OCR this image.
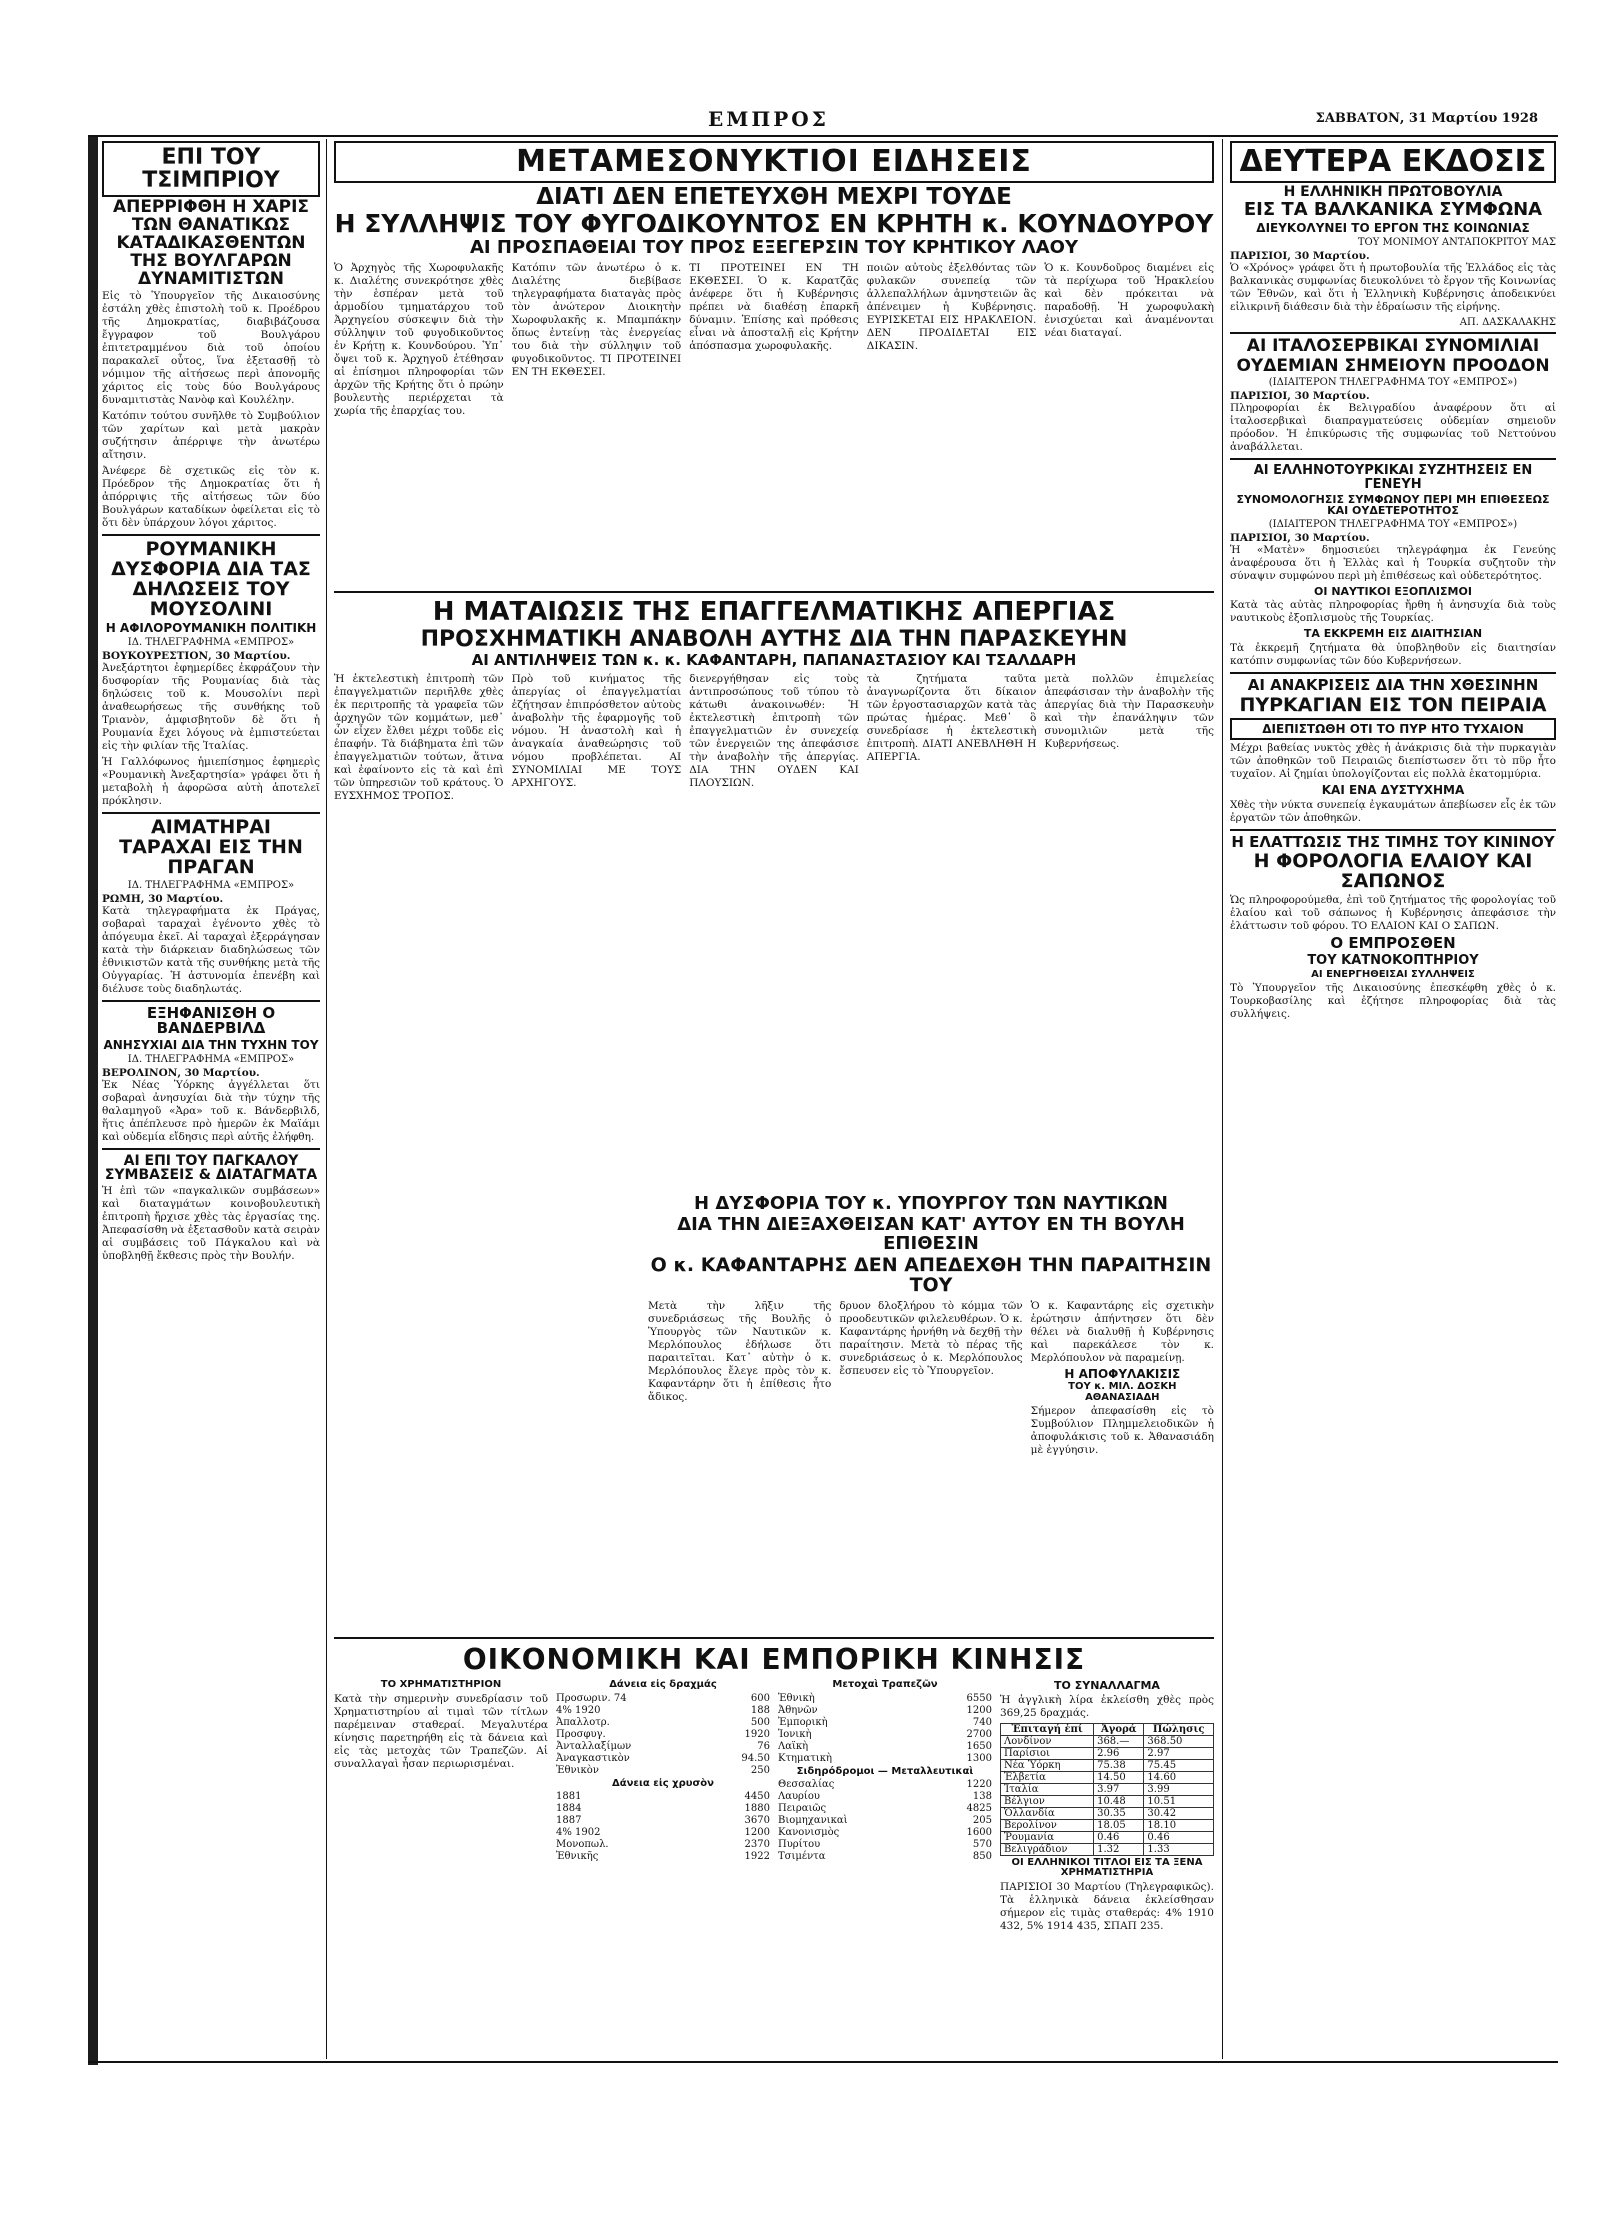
ΕΜΠΡΟΣ	ΣΑΒΒΑΤΟΝ, 31 Μαρτίου 1928
ΕΠΙ ΤΟΥ ΤΣΙΜΠΡΙΟΥ
ΑΠΕΡΡΙΦΘΗ Η ΧΑΡΙΣ ΤΩΝ ΘΑΝΑΤΙΚΩΣ ΚΑΤΑΔΙΚΑΣΘΕΝΤΩΝ ΤΗΣ ΒΟΥΛΓΑΡΩΝ ΔΥΝΑΜΙΤΙΣΤΩΝ

Εἰς τὸ Ὑπουργεῖον τῆς Δικαιοσύνης ἐστάλη χθὲς ἐπιστολὴ τοῦ κ. Προέδρου τῆς Δημοκρατίας, διαβιβάζουσα ἔγγραφον τοῦ Βουλγάρου ἐπιτετραμμένου διὰ τοῦ ὁποίου παρακαλεῖ οὗτος, ἵνα ἐξετασθῇ τὸ νόμιμον τῆς αἰτήσεως περὶ ἀπονομῆς χάριτος εἰς τοὺς δύο Βουλγάρους δυναμιτιστὰς Νανὸφ καὶ Κουλέλην.

Κατόπιν τούτου συνῆλθε τὸ Συμβούλιον τῶν χαρίτων καὶ μετὰ μακρὰν συζήτησιν ἀπέρριψε τὴν ἀνωτέρω αἴτησιν.

Ἀνέφερε δὲ σχετικῶς εἰς τὸν κ. Πρόεδρον τῆς Δημοκρατίας ὅτι ἡ ἀπόρριψις τῆς αἰτήσεως τῶν δύο Βουλγάρων καταδίκων ὀφείλεται εἰς τὸ ὅτι δὲν ὑπάρχουν λόγοι χάριτος.

ΡΟΥΜΑΝΙΚΗ ΔΥΣΦΟΡΙΑ ΔΙΑ ΤΑΣ ΔΗΛΩΣΕΙΣ ΤΟΥ ΜΟΥΣΟΛΙΝΙ
Η ΑΦΙΛΟΡΟΥΜΑΝΙΚΗ ΠΟΛΙΤΙΚΗ
ΙΔ. ΤΗΛΕΓΡΑΦΗΜΑ «ΕΜΠΡΟΣ»
ΒΟΥΚΟΥΡΕΣΤΙΟΝ, 30 Μαρτίου.

Ἀνεξάρτητοι ἐφημερίδες ἐκφράζουν τὴν δυσφορίαν τῆς Ρουμανίας διὰ τὰς δηλώσεις τοῦ κ. Μουσολίνι περὶ ἀναθεωρήσεως τῆς συνθήκης τοῦ Τριανὸν, ἀμφισβητοῦν δὲ ὅτι ἡ Ρουμανία ἔχει λόγους νὰ ἐμπιστεύεται εἰς τὴν φιλίαν τῆς Ἰταλίας.

Ἡ Γαλλόφωνος ἡμιεπίσημος ἐφημερὶς «Ρουμανικὴ Ἀνεξαρτησία» γράφει ὅτι ἡ μεταβολὴ ἡ ἀφορῶσα αὐτὴ ἀποτελεῖ πρόκλησιν.

ΑΙΜΑΤΗΡΑΙ ΤΑΡΑΧΑΙ ΕΙΣ ΤΗΝ ΠΡΑΓΑΝ
ΙΔ. ΤΗΛΕΓΡΑΦΗΜΑ «ΕΜΠΡΟΣ»
ΡΩΜΗ, 30 Μαρτίου.

Κατὰ τηλεγραφήματα ἐκ Πράγας, σοβαραὶ ταραχαὶ ἐγένοντο χθὲς τὸ ἀπόγευμα ἐκεῖ. Αἱ ταραχαὶ ἐξερράγησαν κατὰ τὴν διάρκειαν διαδηλώσεως τῶν ἐθνικιστῶν κατὰ τῆς συνθήκης μετὰ τῆς Οὐγγαρίας. Ἡ ἀστυνομία ἐπενέβη καὶ διέλυσε τοὺς διαδηλωτάς.

ΕΞΗΦΑΝΙΣΘΗ Ο ΒΑΝΔΕΡΒΙΛΔ
ΑΝΗΣΥΧΙΑΙ ΔΙΑ ΤΗΝ ΤΥΧΗΝ ΤΟΥ
ΙΔ. ΤΗΛΕΓΡΑΦΗΜΑ «ΕΜΠΡΟΣ»
ΒΕΡΟΛΙΝΟΝ, 30 Μαρτίου.

Ἐκ Νέας Ὑόρκης ἀγγέλλεται ὅτι σοβαραὶ ἀνησυχίαι διὰ τὴν τύχην τῆς θαλαμηγοῦ «Ἀρα» τοῦ κ. Βάνδερβιλδ, ἥτις ἀπέπλευσε πρὸ ἡμερῶν ἐκ Μαϊάμι καὶ οὐδεμία εἴδησις περὶ αὐτῆς ἐλήφθη.

ΑΙ ΕΠΙ ΤΟΥ ΠΑΓΚΑΛΟΥ ΣΥΜΒΑΣΕΙΣ & ΔΙΑΤΑΓΜΑΤΑ

Ἡ ἐπὶ τῶν «παγκαλικῶν συμβάσεων» καὶ διαταγμάτων κοινοβουλευτικὴ ἐπιτροπὴ ἤρχισε χθὲς τὰς ἐργασίας της. Ἀπεφασίσθη νὰ ἐξετασθοῦν κατὰ σειρὰν αἱ συμβάσεις τοῦ Πάγκαλου καὶ νὰ ὑποβληθῇ ἔκθεσις πρὸς τὴν Βουλήν.

ΜΕΤΑΜΕΣΟΝΥΚΤΙΟΙ ΕΙΔΗΣΕΙΣ
ΔΙΑΤΙ ΔΕΝ ΕΠΕΤΕΥΧΘΗ ΜΕΧΡΙ ΤΟΥΔΕ
Η ΣΥΛΛΗΨΙΣ ΤΟΥ ΦΥΓΟΔΙΚΟΥΝΤΟΣ ΕΝ ΚΡΗΤΗ κ. ΚΟΥΝΔΟΥΡΟΥ
ΑΙ ΠΡΟΣΠΑΘΕΙΑΙ ΤΟΥ ΠΡΟΣ ΕΞΕΓΕΡΣΙΝ ΤΟΥ ΚΡΗΤΙΚΟΥ ΛΑΟΥ

Ὁ Ἀρχηγὸς τῆς Χωροφυλακῆς κ. Διαλέτης συνεκρότησε χθὲς τὴν ἑσπέραν μετὰ τοῦ ἁρμοδίου τμηματάρχου τοῦ Ἀρχηγείου σύσκεψιν διὰ τὴν σύλληψιν τοῦ φυγοδικοῦντος ἐν Κρήτῃ κ. Κουνδούρου. Ὑπ᾽ ὄψει τοῦ κ. Ἀρχηγοῦ ἐτέθησαν αἱ ἐπίσημοι πληροφορίαι τῶν ἀρχῶν τῆς Κρήτης ὅτι ὁ πρώην βουλευτὴς περιέρχεται τὰ χωρία τῆς ἐπαρχίας του.

Κατόπιν τῶν ἀνωτέρω ὁ κ. Διαλέτης διεβίβασε τηλεγραφήματα διαταγὰς πρὸς τὸν ἀνώτερον Διοικητὴν Χωροφυλακῆς κ. Μπαμπάκην ὅπως ἐντείνῃ τὰς ἐνεργείας του διὰ τὴν σύλληψιν τοῦ φυγοδικοῦντος. ΤΙ ΠΡΟΤΕΙΝΕΙ ΕΝ ΤΗ ΕΚΘΕΣΕΙ.

ΤΙ ΠΡΟΤΕΙΝΕΙ ΕΝ ΤΗ ΕΚΘΕΣΕΙ. Ὁ κ. Καρατζᾶς ἀνέφερε ὅτι ἡ Κυβέρνησις πρέπει νὰ διαθέσῃ ἐπαρκῆ δύναμιν. Ἐπίσης καὶ πρόθεσις εἶναι νὰ ἀποσταλῇ εἰς Κρήτην ἀπόσπασμα χωροφυλακῆς.

ποιῶν αὐτοὺς ἐξελθόντας τῶν φυλακῶν συνεπείᾳ τῶν ἀλλεπαλλήλων ἀμνηστειῶν ἃς ἀπένειμεν ἡ Κυβέρνησις. ΕΥΡΙΣΚΕΤΑΙ ΕΙΣ ΗΡΑΚΛΕΙΟΝ. ΔΕΝ ΠΡΟΔΙΔΕΤΑΙ ΕΙΣ ΔΙΚΑΣΙΝ.

Ὁ κ. Κουνδοῦρος διαμένει εἰς τὰ περίχωρα τοῦ Ἡρακλείου καὶ δὲν πρόκειται νὰ παραδοθῇ. Ἡ χωροφυλακὴ ἐνισχύεται καὶ ἀναμένονται νέαι διαταγαί.

ΔΕΥΤΕΡΑ ΕΚΔΟΣΙΣ
Η ΕΛΛΗΝΙΚΗ ΠΡΩΤΟΒΟΥΛΙΑ
ΕΙΣ ΤΑ ΒΑΛΚΑΝΙΚΑ ΣΥΜΦΩΝΑ
ΔΙΕΥΚΟΛΥΝΕΙ ΤΟ ΕΡΓΟΝ ΤΗΣ ΚΟΙΝΩΝΙΑΣ
ΤΟΥ ΜΟΝΙΜΟΥ ΑΝΤΑΠΟΚΡΙΤΟΥ ΜΑΣ
ΠΑΡΙΣΙΟΙ, 30 Μαρτίου.

Ὁ «Χρόνος» γράφει ὅτι ἡ πρωτοβουλία τῆς Ἑλλάδος εἰς τὰς βαλκανικὰς συμφωνίας διευκολύνει τὸ ἔργον τῆς Κοινωνίας τῶν Ἐθνῶν, καὶ ὅτι ἡ Ἑλληνικὴ Κυβέρνησις ἀποδεικνύει εἰλικρινῆ διάθεσιν διὰ τὴν ἑδραίωσιν τῆς εἰρήνης.

ΑΠ. ΔΑΣΚΑΛΑΚΗΣ
ΑΙ ΙΤΑΛΟΣΕΡΒΙΚΑΙ ΣΥΝΟΜΙΛΙΑΙ
ΟΥΔΕΜΙΑΝ ΣΗΜΕΙΟΥΝ ΠΡΟΟΔΟΝ
(ΙΔΙΑΙΤΕΡΟΝ ΤΗΛΕΓΡΑΦΗΜΑ ΤΟΥ «ΕΜΠΡΟΣ»)
ΠΑΡΙΣΙΟΙ, 30 Μαρτίου.

Πληροφορίαι ἐκ Βελιγραδίου ἀναφέρουν ὅτι αἱ ἰταλοσερβικαὶ διαπραγματεύσεις οὐδεμίαν σημειοῦν πρόοδον. Ἡ ἐπικύρωσις τῆς συμφωνίας τοῦ Νεττούνου ἀναβάλλεται.

ΑΙ ΕΛΛΗΝΟΤΟΥΡΚΙΚΑΙ ΣΥΖΗΤΗΣΕΙΣ ΕΝ ΓΕΝΕΥΗ
ΣΥΝΟΜΟΛΟΓΗΣΙΣ ΣΥΜΦΩΝΟΥ ΠΕΡΙ ΜΗ ΕΠΙΘΕΣΕΩΣ ΚΑΙ ΟΥΔΕΤΕΡΟΤΗΤΟΣ
(ΙΔΙΑΙΤΕΡΟΝ ΤΗΛΕΓΡΑΦΗΜΑ ΤΟΥ «ΕΜΠΡΟΣ»)
ΠΑΡΙΣΙΟΙ, 30 Μαρτίου.

Ἡ «Ματὲν» δημοσιεύει τηλεγράφημα ἐκ Γενεύης ἀναφέρουσα ὅτι ἡ Ἑλλὰς καὶ ἡ Τουρκία συζητοῦν τὴν σύναψιν συμφώνου περὶ μὴ ἐπιθέσεως καὶ οὐδετερότητος.

ΟΙ ΝΑΥΤΙΚΟΙ ΕΞΟΠΛΙΣΜΟΙ

Κατὰ τὰς αὐτὰς πληροφορίας ἤρθη ἡ ἀνησυχία διὰ τοὺς ναυτικοὺς ἐξοπλισμοὺς τῆς Τουρκίας.

ΤΑ ΕΚΚΡΕΜΗ ΕΙΣ ΔΙΑΙΤΗΣΙΑΝ

Τὰ ἐκκρεμῆ ζητήματα θὰ ὑποβληθοῦν εἰς διαιτησίαν κατόπιν συμφωνίας τῶν δύο Κυβερνήσεων.

ΑΙ ΑΝΑΚΡΙΣΕΙΣ ΔΙΑ ΤΗΝ ΧΘΕΣΙΝΗΝ
ΠΥΡΚΑΓΙΑΝ ΕΙΣ ΤΟΝ ΠΕΙΡΑΙΑ
ΔΙΕΠΙΣΤΩΘΗ ΟΤΙ ΤΟ ΠΥΡ ΗΤΟ ΤΥΧΑΙΟΝ

Μέχρι βαθείας νυκτὸς χθὲς ἡ ἀνάκρισις διὰ τὴν πυρκαγιὰν τῶν ἀποθηκῶν τοῦ Πειραιῶς διεπίστωσεν ὅτι τὸ πῦρ ἦτο τυχαῖον. Αἱ ζημίαι ὑπολογίζονται εἰς πολλὰ ἑκατομμύρια.

ΚΑΙ ΕΝΑ ΔΥΣΤΥΧΗΜΑ

Χθὲς τὴν νύκτα συνεπείᾳ ἐγκαυμάτων ἀπεβίωσεν εἷς ἐκ τῶν ἐργατῶν τῶν ἀποθηκῶν.

Η ΕΛΑΤΤΩΣΙΣ ΤΗΣ ΤΙΜΗΣ ΤΟΥ ΚΙΝΙΝΟΥ
Η ΦΟΡΟΛΟΓΙΑ ΕΛΑΙΟΥ ΚΑΙ ΣΑΠΩΝΟΣ

Ὡς πληροφορούμεθα, ἐπὶ τοῦ ζητήματος τῆς φορολογίας τοῦ ἐλαίου καὶ τοῦ σάπωνος ἡ Κυβέρνησις ἀπεφάσισε τὴν ἐλάττωσιν τοῦ φόρου. ΤΟ ΕΛΑΙΟΝ ΚΑΙ Ο ΣΑΠΩΝ.

Ο ΕΜΠΡΟΣΘΕΝ
ΤΟΥ ΚΑΤΝΟΚΟΠΤΗΡΙΟΥ
ΑΙ ΕΝΕΡΓΗΘΕΙΣΑΙ ΣΥΛΛΗΨΕΙΣ

Τὸ Ὑπουργεῖον τῆς Δικαιοσύνης ἐπεσκέφθη χθὲς ὁ κ. Τουρκοβασίλης καὶ ἐζήτησε πληροφορίας διὰ τὰς συλλήψεις.

Η ΜΑΤΑΙΩΣΙΣ ΤΗΣ ΕΠΑΓΓΕΛΜΑΤΙΚΗΣ ΑΠΕΡΓΙΑΣ
ΠΡΟΣΧΗΜΑΤΙΚΗ ΑΝΑΒΟΛΗ ΑΥΤΗΣ ΔΙΑ ΤΗΝ ΠΑΡΑΣΚΕΥΗΝ
ΑΙ ΑΝΤΙΛΗΨΕΙΣ ΤΩΝ κ. κ. ΚΑΦΑΝΤΑΡΗ, ΠΑΠΑΝΑΣΤΑΣΙΟΥ ΚΑΙ ΤΣΑΛΔΑΡΗ

Ἡ ἐκτελεστικὴ ἐπιτροπὴ τῶν ἐπαγγελματιῶν περιῆλθε χθὲς ἐκ περιτροπῆς τὰ γραφεῖα τῶν ἀρχηγῶν τῶν κομμάτων, μεθ᾽ ὧν εἶχεν ἔλθει μέχρι τοῦδε εἰς ἐπαφήν. Τὰ διάβηματα ἐπὶ τῶν ἐπαγγελματιῶν τούτων, ἅτινα καὶ ἐφαίνοντο εἰς τὰ καὶ ἐπὶ τῶν ὑπηρεσιῶν τοῦ κράτους. Ὁ ΕΥΣΧΗΜΟΣ ΤΡΟΠΟΣ.

Πρὸ τοῦ κινήματος τῆς ἀπεργίας οἱ ἐπαγγελματίαι ἐζήτησαν ἐπιπρόσθετον αὐτοὺς ἀναβολὴν τῆς ἐφαρμογῆς τοῦ νόμου. Ἡ ἀναστολὴ καὶ ἡ ἀναγκαία ἀναθεώρησις τοῦ νόμου προβλέπεται. ΑΙ ΣΥΝΟΜΙΛΙΑΙ ΜΕ ΤΟΥΣ ΑΡΧΗΓΟΥΣ.

διενεργήθησαν εἰς τοὺς ἀντιπροσώπους τοῦ τύπου τὸ κάτωθι ἀνακοινωθέν: Ἡ ἐκτελεστικὴ ἐπιτροπὴ τῶν ἐπαγγελματιῶν ἐν συνεχείᾳ τῶν ἐνεργειῶν της ἀπεφάσισε τὴν ἀναβολὴν τῆς ἀπεργίας. ΔΙΑ ΤΗΝ ΟΥΔΕΝ ΚΑΙ ΠΛΟΥΣΙΩΝ.

τὰ ζητήματα ταῦτα ἀναγνωρίζοντα ὅτι δίκαιον τῶν ἐργοστασιαρχῶν κατὰ τὰς πρώτας ἡμέρας. Μεθ᾽ ὃ συνεδρίασε ἡ ἐκτελεστικὴ ἐπιτροπὴ. ΔΙΑΤΙ ΑΝΕΒΛΗΘΗ Η ΑΠΕΡΓΙΑ.

μετὰ πολλῶν ἐπιμελείας ἀπεφάσισαν τὴν ἀναβολὴν τῆς ἀπεργίας διὰ τὴν Παρασκευὴν καὶ τὴν ἐπανάληψιν τῶν συνομιλιῶν μετὰ τῆς Κυβερνήσεως.

Η ΔΥΣΦΟΡΙΑ ΤΟΥ κ. ΥΠΟΥΡΓΟΥ ΤΩΝ ΝΑΥΤΙΚΩΝ
ΔΙΑ ΤΗΝ ΔΙΕΞΑΧΘΕΙΣΑΝ ΚΑΤ' ΑΥΤΟΥ ΕΝ ΤΗ ΒΟΥΛΗ ΕΠΙΘΕΣΙΝ
Ο κ. ΚΑΦΑΝΤΑΡΗΣ ΔΕΝ ΑΠΕΔΕΧΘΗ ΤΗΝ ΠΑΡΑΙΤΗΣΙΝ ΤΟΥ

Μετὰ τὴν λῆξιν τῆς συνεδριάσεως τῆς Βουλῆς ὁ Ὑπουργὸς τῶν Ναυτικῶν κ. Μερλόπουλος ἐδήλωσε ὅτι παραιτεῖται. Κατ᾽ αὐτὴν ὁ κ. Μερλόπουλος ἔλεγε πρὸς τὸν κ. Καφαντάρην ὅτι ἡ ἐπίθεσις ἦτο ἄδικος.

δρυον δλοξλήρου τὸ κόμμα τῶν προοδευτικῶν φιλελευθέρων. Ὁ κ. Καφαντάρης ἠρνήθη νὰ δεχθῇ τὴν παραίτησιν. Μετὰ τὸ πέρας τῆς συνεδριάσεως ὁ κ. Μερλόπουλος ἔσπευσεν εἰς τὸ Ὑπουργεῖον.

Ὁ κ. Καφαντάρης εἰς σχετικὴν ἐρώτησιν ἀπήντησεν ὅτι δὲν θέλει νὰ διαλυθῇ ἡ Κυβέρνησις καὶ παρεκάλεσε τὸν κ. Μερλόπουλον νὰ παραμείνῃ.

Η ΑΠΟΦΥΛΑΚΙΣΙΣ
ΤΟΥ κ. ΜΙΛ. ΔΟΣΚΗ ΑΘΑΝΑΣΙΑΔΗ

Σήμερον ἀπεφασίσθη εἰς τὸ Συμβούλιον Πλημμελειοδικῶν ἡ ἀποφυλάκισις τοῦ κ. Ἀθανασιάδη μὲ ἐγγύησιν.

ΟΙΚΟΝΟΜΙΚΗ ΚΑΙ ΕΜΠΟΡΙΚΗ ΚΙΝΗΣΙΣ
ΤΟ ΧΡΗΜΑΤΙΣΤΗΡΙΟΝ

Κατὰ τὴν σημερινὴν συνεδρίασιν τοῦ Χρηματιστηρίου αἱ τιμαὶ τῶν τίτλων παρέμειναν σταθεραί. Μεγαλυτέρα κίνησις παρετηρήθη εἰς τὰ δάνεια καὶ εἰς τὰς μετοχὰς τῶν Τραπεζῶν. Αἱ συναλλαγαὶ ἦσαν περιωρισμέναι.

Δάνεια εἰς δραχμάς
Προσωριν. 74	600
4% 1920	188
Ἀπαλλοτρ.	500
Προσφυγ.	1920
Ἀνταλλαξίμων	76
Ἀναγκαστικὸν	94.50
Ἐθνικὸν	250
Δάνεια εἰς χρυσὸν
1881	4450
1884	1880
1887	3670
4% 1902	1200
Μονοπωλ.	2370
Ἐθνικῆς	1922
Μετοχαὶ Τραπεζῶν
Ἐθνικὴ	6550
Ἀθηνῶν	1200
Ἐμπορικὴ	740
Ἰονικὴ	2700
Λαϊκὴ	1650
Κτηματικὴ	1300
Σιδηρόδρομοι — Μεταλλευτικαὶ
Θεσσαλίας	1220
Λαυρίου	138
Πειραιῶς	4825
Βιομηχανικαὶ	205
Κανονισμὸς	1600
Πυρίτου	570
Τσιμέντα	850
ΤΟ ΣΥΝΑΛΛΑΓΜΑ

Ἡ ἀγγλικὴ λίρα ἐκλείσθη χθὲς πρὸς 369,25 δραχμάς.

Ἐπιταγή ἐπί	Ἀγορά	Πώλησις
Λονδίνον	368.—	368.50
Παρίσιοι	2.96	2.97
Νέα Ὑόρκη	75.38	75.45
Ἑλβετία	14.50	14.60
Ἰταλία	3.97	3.99
Βέλγιον	10.48	10.51
Ὁλλανδία	30.35	30.42
Βερολίνον	18.05	18.10
Ῥουμανία	0.46	0.46
Βελιγράδιον	1.32	1.33
ΟΙ ΕΛΛΗΝΙΚΟΙ ΤΙΤΛΟΙ ΕΙΣ ΤΑ ΞΕΝΑ ΧΡΗΜΑΤΙΣΤΗΡΙΑ

ΠΑΡΙΣΙΟΙ 30 Μαρτίου (Τηλεγραφικῶς). Τὰ ἑλληνικὰ δάνεια ἐκλείσθησαν σήμερον εἰς τιμὰς σταθεράς: 4% 1910 432, 5% 1914 435, ΣΠΑΠ 235.
